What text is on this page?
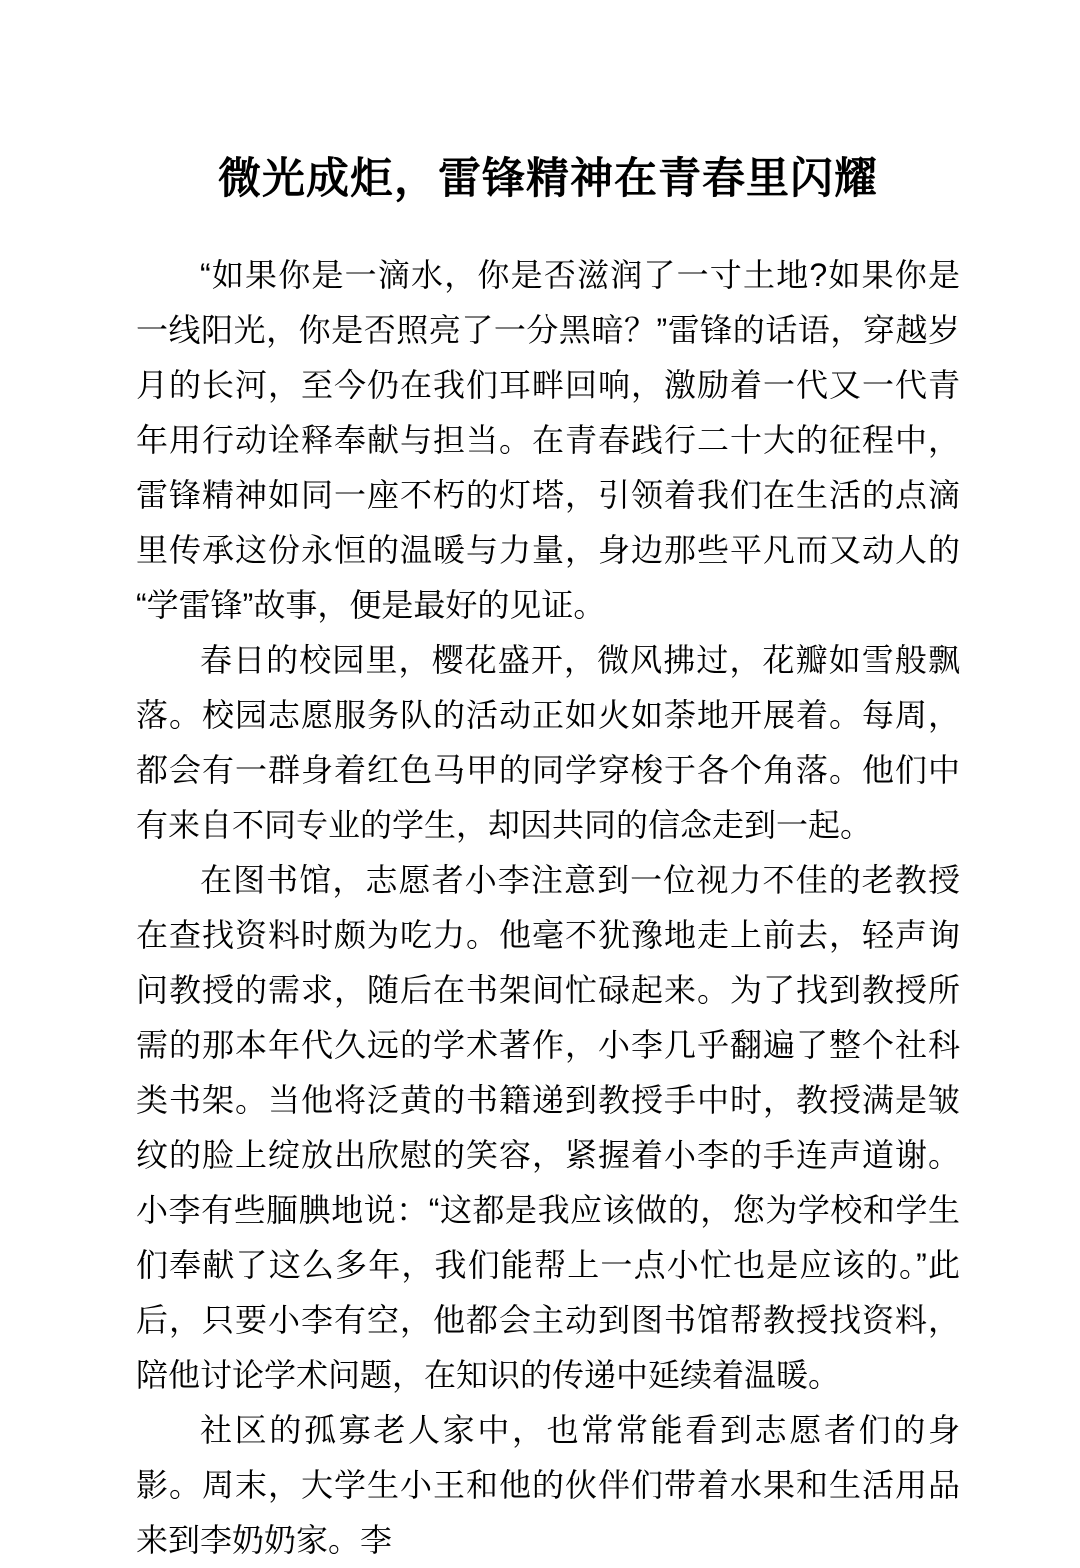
微光成炬，雷锋精神在青春里闪耀

“如果你是一滴水，你是否滋润了一寸土地?如果你是一线阳光，你是否照亮了一分黑暗？”雷锋的话语，穿越岁月的长河，至今仍在我们耳畔回响，激励着一代又一代青年用行动诠释奉献与担当。在青春践行二十大的征程中，雷锋精神如同一座不朽的灯塔，引领着我们在生活的点滴里传承这份永恒的温暖与力量，身边那些平凡而又动人的“学雷锋”故事，便是最好的见证。

春日的校园里，樱花盛开，微风拂过，花瓣如雪般飘落。校园志愿服务队的活动正如火如荼地开展着。每周，都会有一群身着红色马甲的同学穿梭于各个角落。他们中有来自不同专业的学生，却因共同的信念走到一起。

在图书馆，志愿者小李注意到一位视力不佳的老教授在查找资料时颇为吃力。他毫不犹豫地走上前去，轻声询问教授的需求，随后在书架间忙碌起来。为了找到教授所需的那本年代久远的学术著作，小李几乎翻遍了整个社科类书架。当他将泛黄的书籍递到教授手中时，教授满是皱纹的脸上绽放出欣慰的笑容，紧握着小李的手连声道谢。小李有些腼腆地说：“这都是我应该做的，您为学校和学生们奉献了这么多年，我们能帮上一点小忙也是应该的。”此后，只要小李有空，他都会主动到图书馆帮教授找资料，陪他讨论学术问题，在知识的传递中延续着温暖。

社区的孤寡老人家中，也常常能看到志愿者们的身影。周末，大学生小王和他的伙伴们带着水果和生活用品来到李奶奶家。李
